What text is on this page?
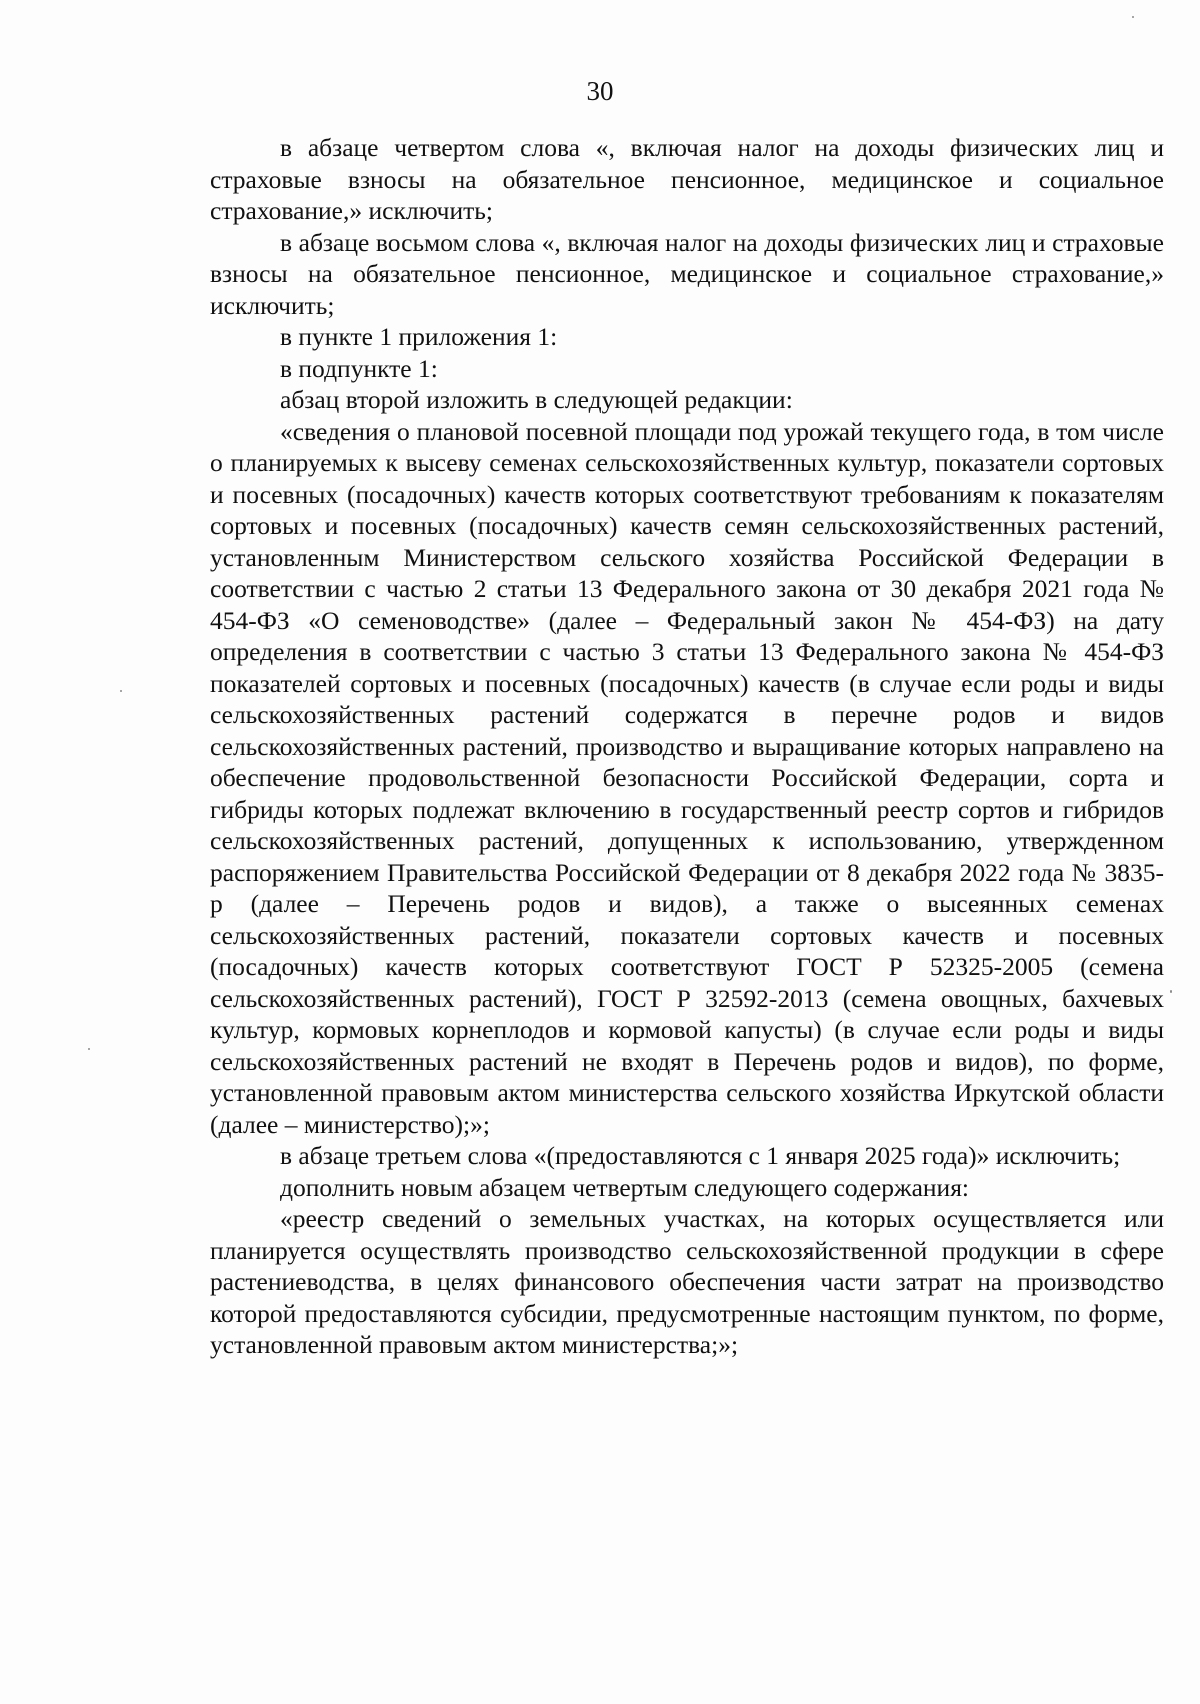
30

в абзаце четвертом слова «, включая налог на доходы физических лиц и страховые взносы на обязательное пенсионное, медицинское и социальное страхование,» исключить;

в абзаце восьмом слова «, включая налог на доходы физических лиц и страховые взносы на обязательное пенсионное, медицинское и социальное страхование,» исключить;

в пункте 1 приложения 1:

в подпункте 1:

абзац второй изложить в следующей редакции:

«сведения о плановой посевной площади под урожай текущего года, в том числе о планируемых к высеву семенах сельскохозяйственных культур, показатели сортовых и посевных (посадочных) качеств которых соответствуют требованиям к показателям сортовых и посевных (посадочных) качеств семян сельскохозяйственных растений, установленным Министерством сельского хозяйства Российской Федерации в соответствии с частью 2 статьи 13 Федерального закона от 30 декабря 2021 года № 454-ФЗ «О семеноводстве» (далее – Федеральный закон № 454-ФЗ) на дату определения в соответствии с частью 3 статьи 13 Федерального закона № 454-ФЗ показателей сортовых и посевных (посадочных) качеств (в случае если роды и виды сельскохозяйственных растений содержатся в перечне родов и видов сельскохозяйственных растений, производство и выращивание которых направлено на обеспечение продовольственной безопасности Российской Федерации, сорта и гибриды которых подлежат включению в государственный реестр сортов и гибридов сельскохозяйственных растений, допущенных к использованию, утвержденном распоряжением Правительства Российской Федерации от 8 декабря 2022 года № 3835-р (далее – Перечень родов и видов), а также о высеянных семенах сельскохозяйственных растений, показатели сортовых качеств и посевных (посадочных) качеств которых соответствуют ГОСТ Р 52325-2005 (семена сельскохозяйственных растений), ГОСТ Р 32592-2013 (семена овощных, бахчевых культур, кормовых корнеплодов и кормовой капусты) (в случае если роды и виды сельскохозяйственных растений не входят в Перечень родов и видов), по форме, установленной правовым актом министерства сельского хозяйства Иркутской области (далее – министерство);»;

в абзаце третьем слова «(предоставляются с 1 января 2025 года)» исключить;

дополнить новым абзацем четвертым следующего содержания:

«реестр сведений о земельных участках, на которых осуществляется или планируется осуществлять производство сельскохозяйственной продукции в сфере растениеводства, в целях финансового обеспечения части затрат на производство которой предоставляются субсидии, предусмотренные настоящим пунктом, по форме, установленной правовым актом министерства;»;
